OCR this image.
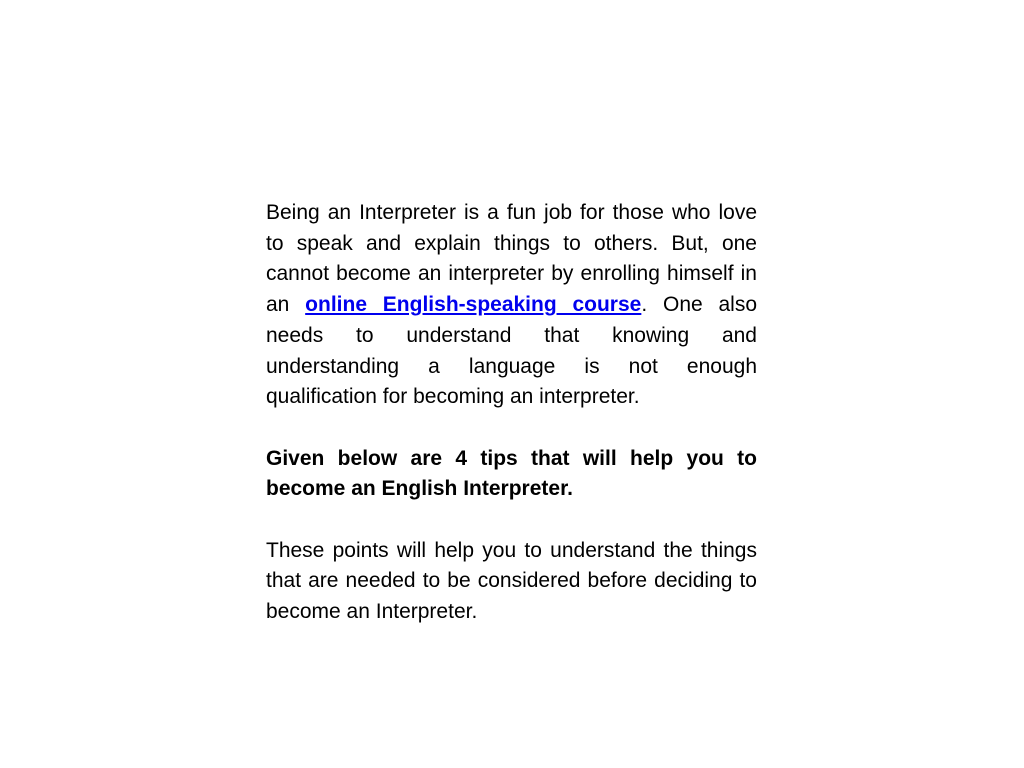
Being an Interpreter is a fun job for those who love to speak and explain things to others. But, one cannot become an interpreter by enrolling himself in an online English-speaking course. One also needs to understand that knowing and understanding a language is not enough qualification for becoming an interpreter.

Given below are 4 tips that will help you to become an English Interpreter.

These points will help you to understand the things that are needed to be considered before deciding to become an Interpreter.
